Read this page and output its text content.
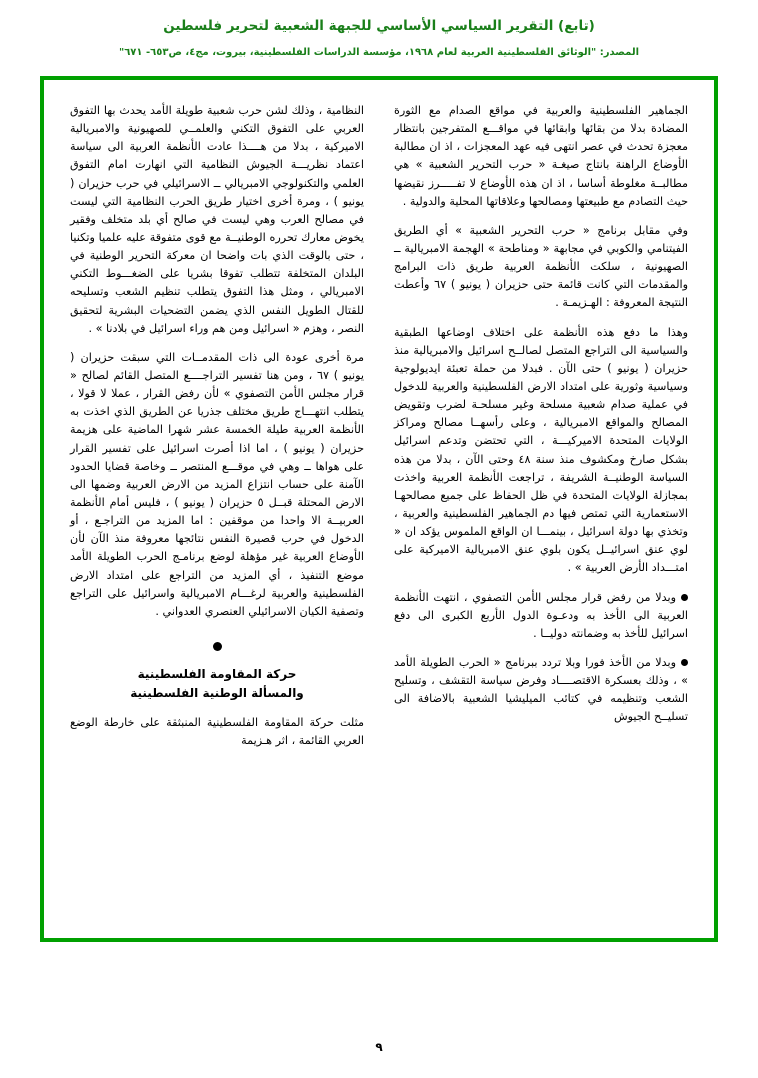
(تابع) التقرير السياسي الأساسي للجبهة الشعبية لتحرير فلسطين
المصدر: "الوثائق الفلسطينية العربية لعام ١٩٦٨، مؤسسة الدراسات الفلسطينية، بيروت، مج٤، ص٦٥٣- ٦٧١"

الجماهير الفلسطينية والعربية في مواقع الصدام مع الثورة المضادة بدلا من بقائها وابقائها في مواقـــع المتفرجين بانتظار معجزة تحدث في عصر انتهى فيه عهد المعجزات ، اذ ان مطالبة الأوضاع الراهنة بانتاج صيغـة « حرب التحرير الشعبية » هي مطالبــة مغلوطة أساسا ، اذ ان هذه الأوضاع لا تفـــــرز نقيضها حيث التصادم مع طبيعتها ومصالحها وعلاقاتها المحلية والدولية .

وفي مقابل برنامج « حرب التحرير الشعبية » أي الطريق الفيتنامي والكوبي في مجابهة « ومناطحة » الهجمة الامبريالية ــ الصهيونية ، سلكت الأنظمة العربية طريق ذات البرامج والمقدمات التي كانت قائمة حتى حزيران ( يونيو ) ٦٧ وأعطت النتيجة المعروفة : الهـزيمـة .

وهذا ما دفع هذه الأنظمة على اختلاف اوضاعها الطبقية والسياسية الى التراجع المتصل لصالــح اسرائيل والامبريالية منذ حزيران ( يونيو ) حتى الآن . فبدلا من حملة تعبئة ايديولوجية وسياسية وثورية على امتداد الارض الفلسطينية والعربية للدخول في عملية صدام شعبية مسلحة وغير مسلحـة لضرب وتقويض المصالح والمواقع الامبريالية ، وعلى رأسهــا مصالح ومراكز الولايات المتحدة الاميركيـــة ، التي تحتضن وتدعم اسرائيل بشكل صارخ ومكشوف منذ سنة ٤٨ وحتى الآن ، بدلا من هذه السياسة الوطنيــة الشريفة ، تراجعت الأنظمة العربية واخذت بمجازلة الولايات المتحدة في ظل الحفاظ على جميع مصالحهـا الاستعمارية التي تمتص فيها دم الجماهير الفلسطينية والعربية ، وتخذي بها دولة اسرائيل ، بينمـــا ان الواقع الملموس يؤكد ان « لوي عنق اسرائيــل يكون بلوي عنق الامبريالية الاميركية على امتـــداد الأرض العربية » .

وبدلا من رفض قرار مجلس الأمن التصفوي ، انتهت الأنظمة العربية الى الأخذ به ودعـوة الدول الأربع الكبرى الى دفع اسرائيل للأخذ به وضمانته دوليــا .

وبدلا من الأخذ فورا وبلا تردد ببرنامج « الحرب الطويلة الأمد » ، وذلك بعسكرة الاقتصــــاد وفرض سياسة التقشف ، وتسليح الشعب وتنظيمه في كتائب الميليشيا الشعبية بالاضافة الى تسليــح الجيوش

النظامية ، وذلك لشن حرب شعبية طويلة الأمد يحدث بها التفوق العربي على التفوق التكني والعلمــي للصهيونية والامبريالية الاميركية ، بدلا من هــــذا عادت الأنظمة العربية الى سياسة اعتماد نظريـــة الجيوش النظامية التي انهارت امام التفوق العلمي والتكنولوجي الامبريالي ــ الاسرائيلي في حرب حزيران ( يونيو ) ، ومرة أخرى اختيار طريق الحرب النظامية التي ليست في مصالح العرب وهي ليست في صالح أي بلد متخلف وفقير يخوض معارك تحرره الوطنيــة مع قوى متفوقة عليه علميا وتكنيا ، حتى بالوقت الذي بات واضحا ان معركة التحرير الوطنية في البلدان المتخلفة تتطلب تفوقا بشريا على الضغـــوط التكني الامبريالي ، ومثل هذا التفوق يتطلب تنظيم الشعب وتسليحه للقتال الطويل النفس الذي يضمن التضحيات البشرية لتحقيق النصر ، وهزم « اسرائيل ومن هم وراء اسرائيل في بلادنا » .

مرة أخرى عودة الى ذات المقدمــات التي سبقت حزيران ( يونيو ) ٦٧ ، ومن هنا تفسير التراجــــع المتصل القائم لصالح « قرار مجلس الأمن التصفوي » لأن رفض القرار ، عملا لا قولا ، يتطلب انتهـــاج طريق مختلف جذريا عن الطريق الذي اخذت به الأنظمة العربية طيلة الخمسة عشر شهرا الماضية على هزيمة حزيران ( يونيو ) ، اما اذا أصرت اسرائيل على تفسير القرار على هواها ــ وهي في موقـــع المنتصر ــ وخاصة قضايا الحدود الآمنة على حساب انتزاع المزيد من الارض العربية وضمها الى الارض المحتلة قبــل ٥ حزيران ( يونيو ) ، فليس أمام الأنظمة العربيــة الا واحدا من موقفين : اما المزيد من التراجـع ، أو الدخول في حرب قصيرة النفس نتائجها معروفة منذ الآن لأن الأوضاع العربية غير مؤهلة لوضع برنامـج الحرب الطويلة الأمد موضع التنفيذ ، أي المزيد من التراجع على امتداد الارض الفلسطينية والعربية لرغـــام الامبريالية واسرائيل على التراجع وتصفية الكيان الاسرائيلي العنصري العدواني .

حركة المقاومة الفلسطينية
والمسألة الوطنية الفلسطينية

مثلت حركة المقاومة الفلسطينية المنبثقة على خارطة الوضع العربي القائمة ، اثر هـزيمة

٩
